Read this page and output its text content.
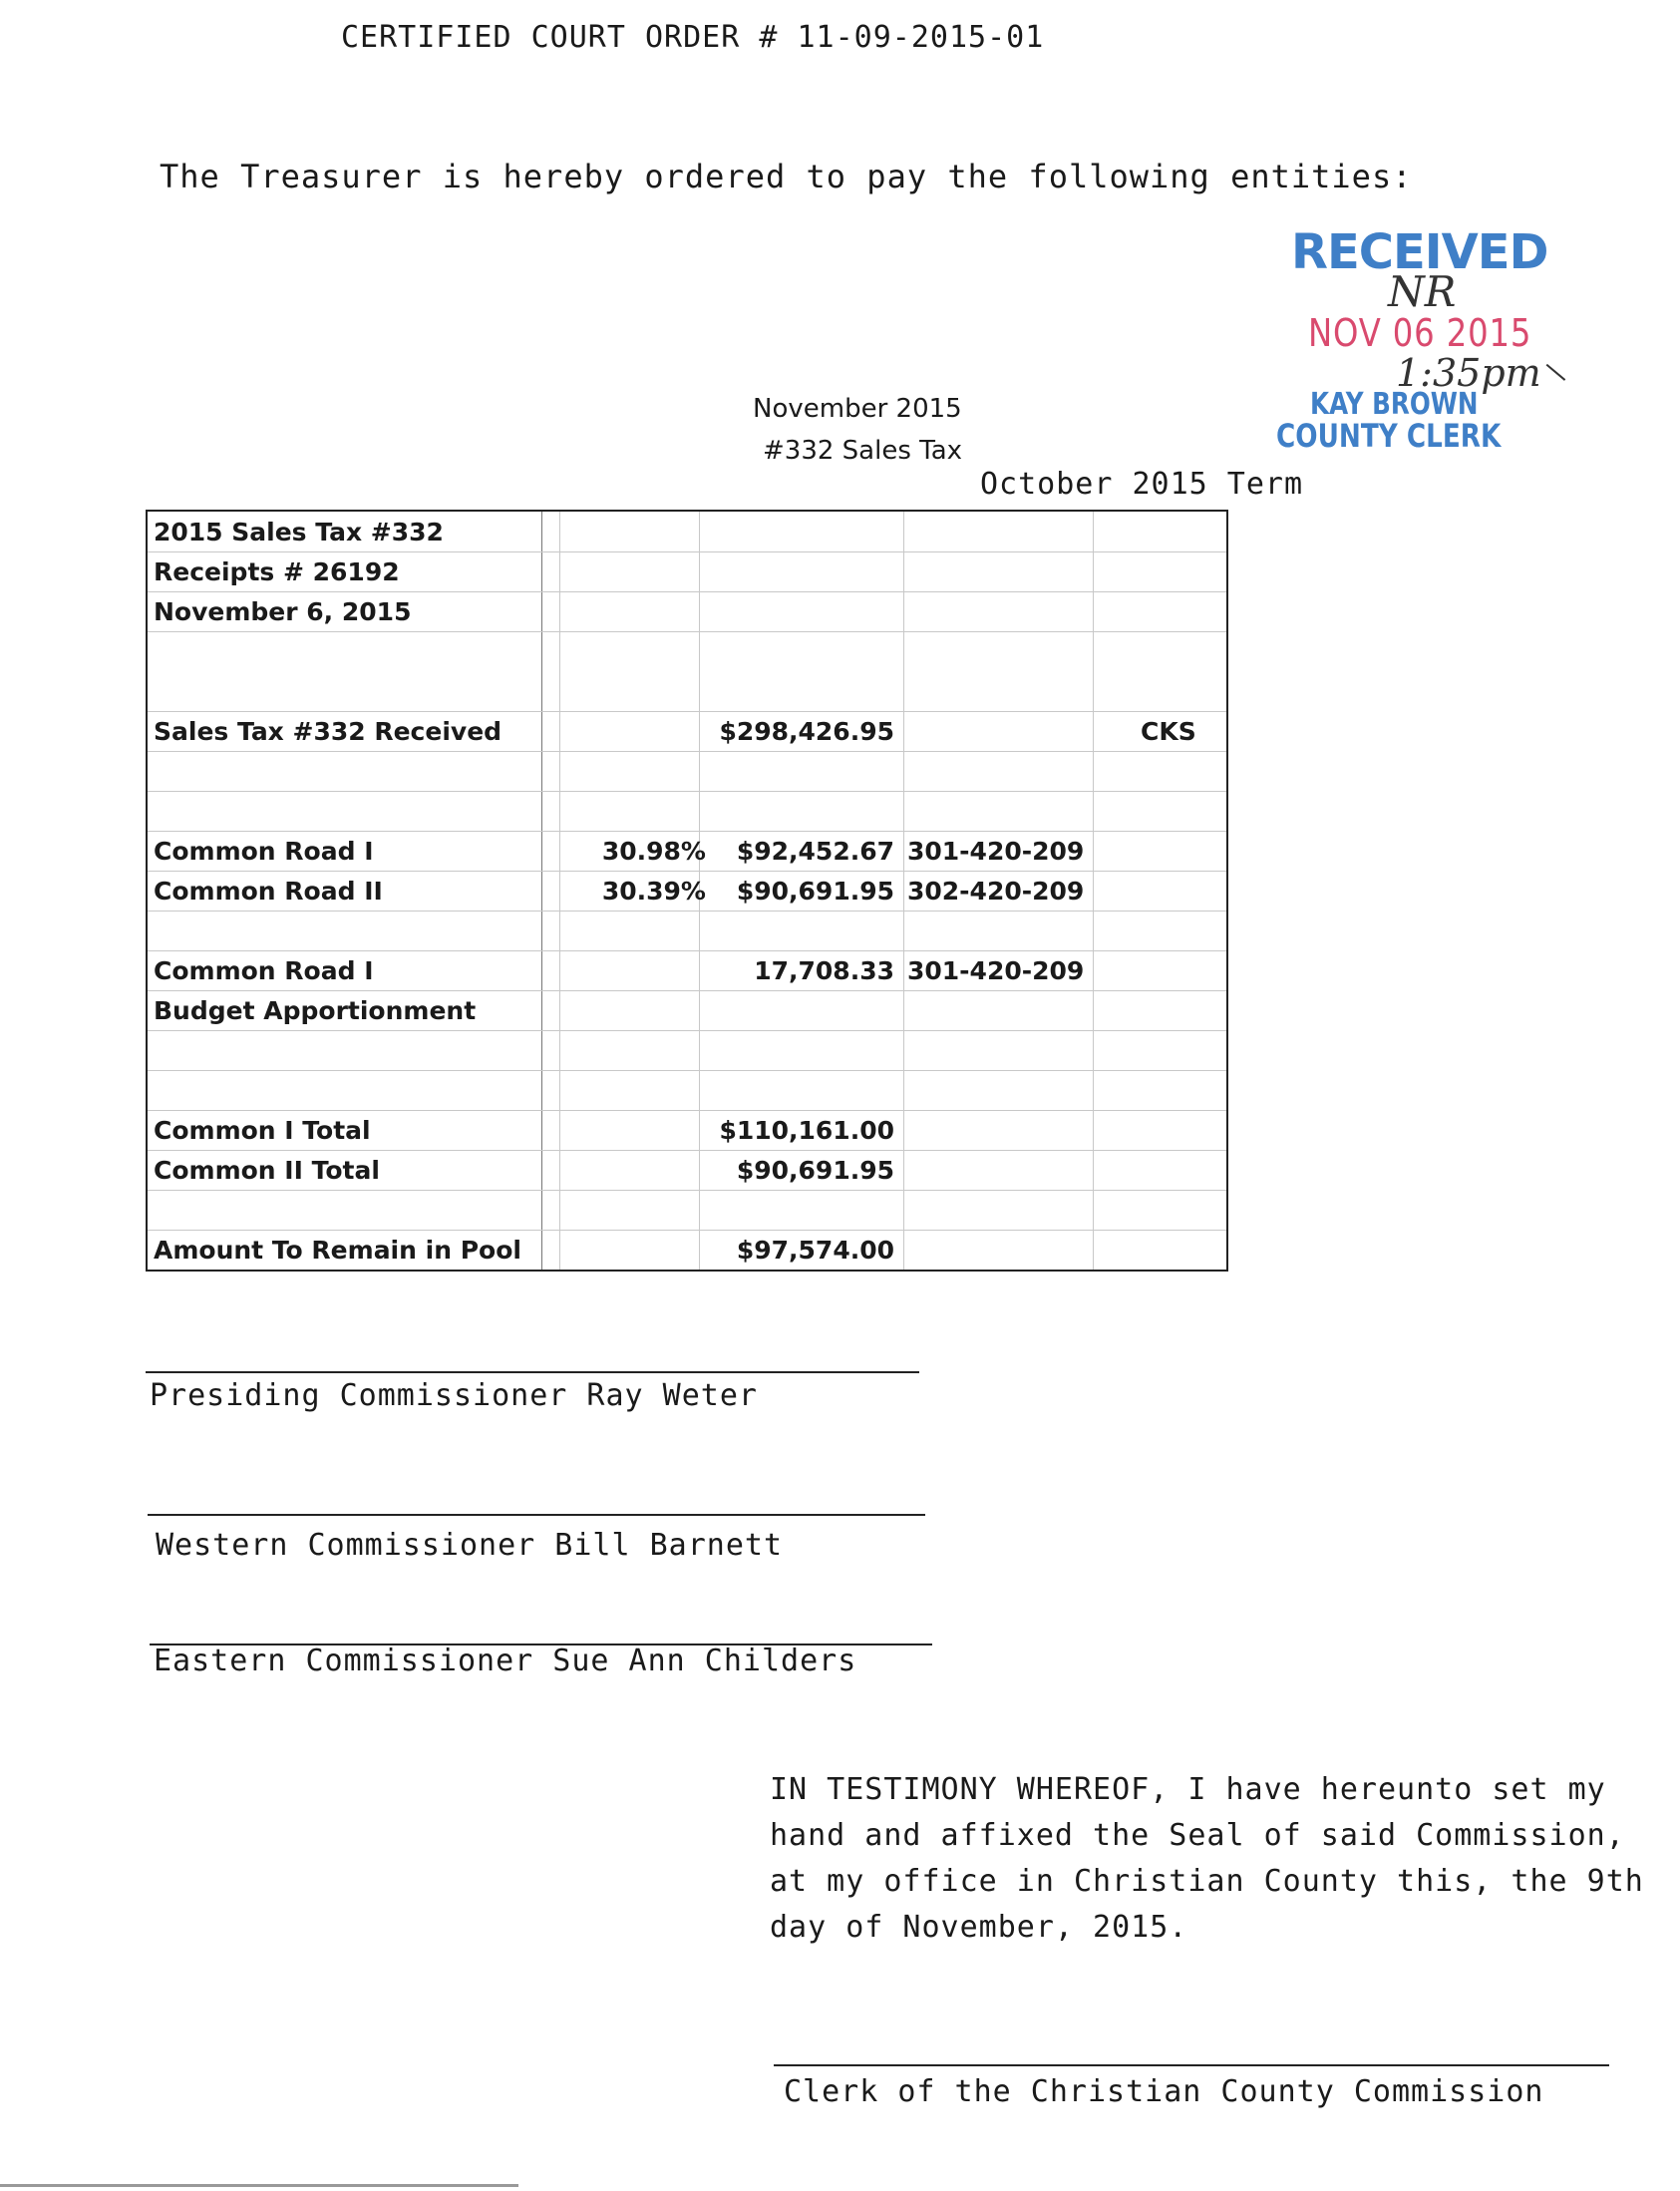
CERTIFIED COURT ORDER # 11-09-2015-01
The Treasurer is hereby ordered to pay the following entities:
RECEIVED
NR
NOV 06 2015
1:35pm
KAY BROWN
COUNTY CLERK
November 2015
#332 Sales Tax
October 2015 Term
2015 Sales Tax #332
Receipts # 26192
November 6, 2015
Sales Tax #332 Received	$298,426.95	CKS
Common Road I	30.98% $92,452.67 301-420-209
Common Road II	30.39% $90,691.95 302-420-209
Common Road I	17,708.33 301-420-209
Budget Apportionment
Common I Total	$110,161.00
Common II Total	$90,691.95
Amount To Remain in Pool	$97,574.00
Presiding Commissioner Ray Weter
Western Commissioner Bill Barnett
Eastern Commissioner Sue Ann Childers
IN TESTIMONY WHEREOF, I have hereunto set my hand and affixed the Seal of said Commission, at my office in Christian County this, the 9th day of November, 2015.
Clerk of the Christian County Commission
